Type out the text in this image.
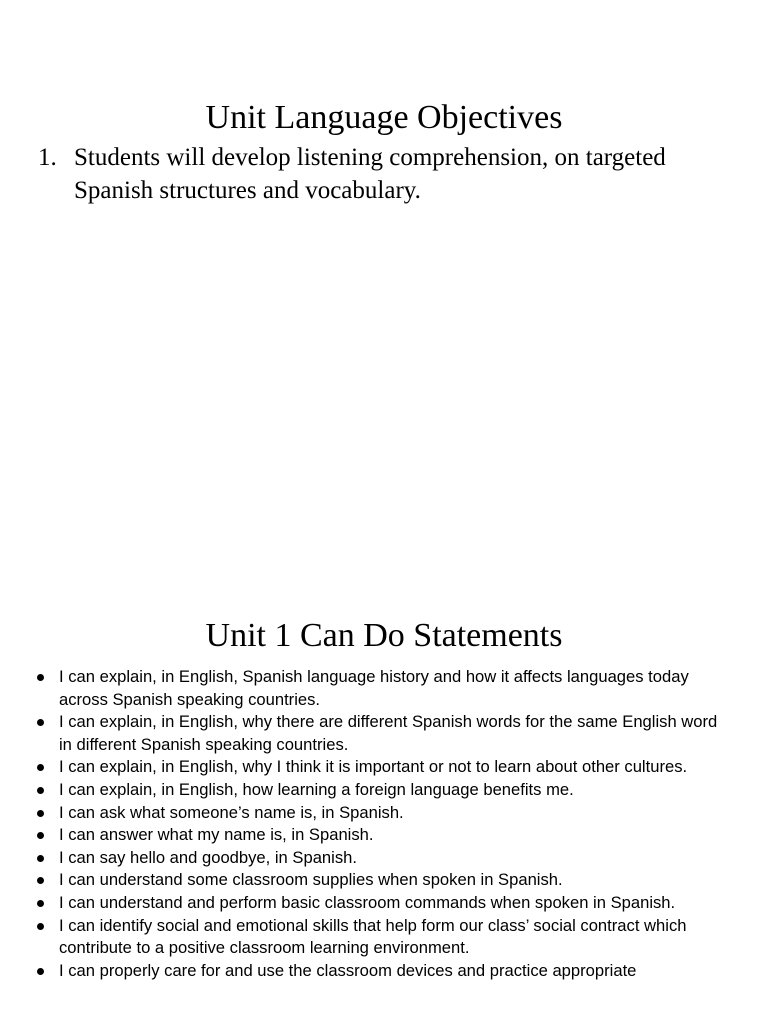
Unit Language Objectives
1. Students will develop listening comprehension, on targeted Spanish structures and vocabulary.
Unit 1 Can Do Statements
I can explain, in English, Spanish language history and how it affects languages today across Spanish speaking countries.
I can explain, in English, why there are different Spanish words for the same English word in different Spanish speaking countries.
I can explain, in English, why I think it is important or not to learn about other cultures.
I can explain, in English, how learning a foreign language benefits me.
I can ask what someone’s name is, in Spanish.
I can answer what my name is, in Spanish.
I can say hello and goodbye, in Spanish.
I can understand some classroom supplies when spoken in Spanish.
I can understand and perform basic classroom commands when spoken in Spanish.
I can identify social and emotional skills that help form our class’ social contract which contribute to a positive classroom learning environment.
I can properly care for and use the classroom devices and practice appropriate
